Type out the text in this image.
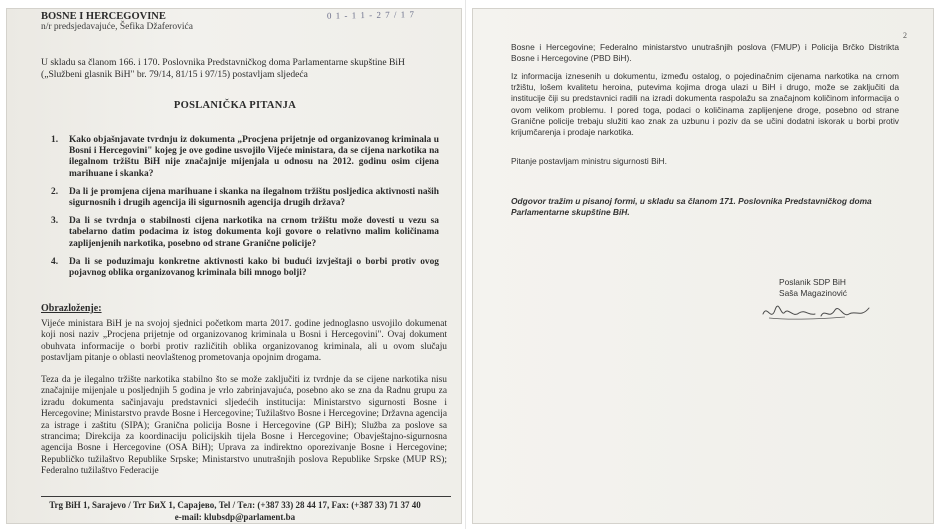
BOSNE I HERCEGOVINE
n/r predsjedavajuće, Šefika Džaferovića
0 1 - 1 1 - 2 7 / 1 7
U skladu sa članom 166. i 170. Poslovnika Predstavničkog doma Parlamentarne skupštine BiH („Službeni glasnik BiH" br. 79/14, 81/15 i 97/15) postavljam sljedeća
POSLANIČKA PITANJA
1. Kako objašnjavate tvrdnju iz dokumenta „Procjena prijetnje od organizovanog kriminala u Bosni i Hercegovini" kojeg je ove godine usvojilo Vijeće ministara, da se cijena narkotika na ilegalnom tržištu BiH nije značajnije mijenjala u odnosu na 2012. godinu osim cijena marihuane i skanka?
2. Da li je promjena cijena marihuane i skanka na ilegalnom tržištu posljedica aktivnosti naših sigurnosnih i drugih agencija ili sigurnosnih agencija drugih država?
3. Da li se tvrdnja o stabilnosti cijena narkotika na crnom tržištu može dovesti u vezu sa tabelarno datim podacima iz istog dokumenta koji govore o relativno malim količinama zaplijenjenih narkotika, posebno od strane Graničnе policije?
4. Da li se poduzimaju konkretne aktivnosti kako bi budući izvještaji o borbi protiv ovog pojavnog oblika organizovanog kriminala bili mnogo bolji?
Obrazloženje:
Vijeće ministara BiH je na svojoj sjednici početkom marta 2017. godine jednoglasno usvojilo dokumenat koji nosi naziv „Procjena prijetnje od organizovanog kriminala u Bosni i Hercegovini". Ovaj dokument obuhvata informacije o borbi protiv različitih oblika organizovanog kriminala, ali u ovom slučaju postavljam pitanje o oblasti neovlaštenog prometovanja opojnim drogama.
Teza da je ilegalno tržište narkotika stabilno što se može zaključiti iz tvrdnje da se cijene narkotika nisu značajnije mijenjale u posljednjih 5 godina je vrlo zabrinjavajuća, posebno ako se zna da Radnu grupu za izradu dokumenta sačinjavaju predstavnici sljedećih institucija: Ministarstvo sigurnosti Bosne i Hercegovine; Ministarstvo pravde Bosne i Hercegovine; Tužilaštvo Bosne i Hercegovine; Državna agencija za istrage i zaštitu (SIPA); Granična policija Bosne i Hercegovine (GP BiH); Služba za poslove sa strancima; Direkcija za koordinaciju policijskih tijela Bosne i Hercegovine; Obavještajno-sigurnosna agencija Bosne i Hercegovine (OSA BiH); Uprava za indirektno oporezivanje Bosne i Hercegovine; Republičko tužilaštvo Republike Srpske; Ministarstvo unutrašnjih poslova Republike Srpske (MUP RS); Federalno tužilaštvo Federacije
Trg BiH 1, Sarajevo / Trг БиХ 1, Сарајево, Tel / Тел: (+387 33) 28 44 17, Fax: (+387 33) 71 37 40
e-mail: klubsdp@parlament.ba
2
Bosne i Hercegovine; Federalno ministarstvo unutrašnjih poslova (FMUP) i Policija Brčko Distrikta Bosne i Hercegovine (PBD BiH).
Iz informacija iznesenih u dokumentu, između ostalog, o pojedinačnim cijenama narkotika na crnom tržištu, lošem kvalitetu heroina, putevima kojima droga ulazi u BiH i drugo, može se zaključiti da institucije čiji su predstavnici radili na izradi dokumenta raspolažu sa značajnom količinom informacija o ovom velikom problemu. I pored toga, podaci o količinama zaplijenjene droge, posebno od strane Graničnе policije trebaju služiti kao znak za uzbunu i poziv da se učini dodatni iskorak u borbi protiv krijumčarenja i prodaje narkotika.
Pitanje postavljam ministru sigurnosti BiH.
Odgovor tražim u pisanoj formi, u skladu sa članom 171. Poslovnika Predstavničkog doma Parlamentarne skupštine BiH.
Poslanik SDP BiH
Saša Magazinović
